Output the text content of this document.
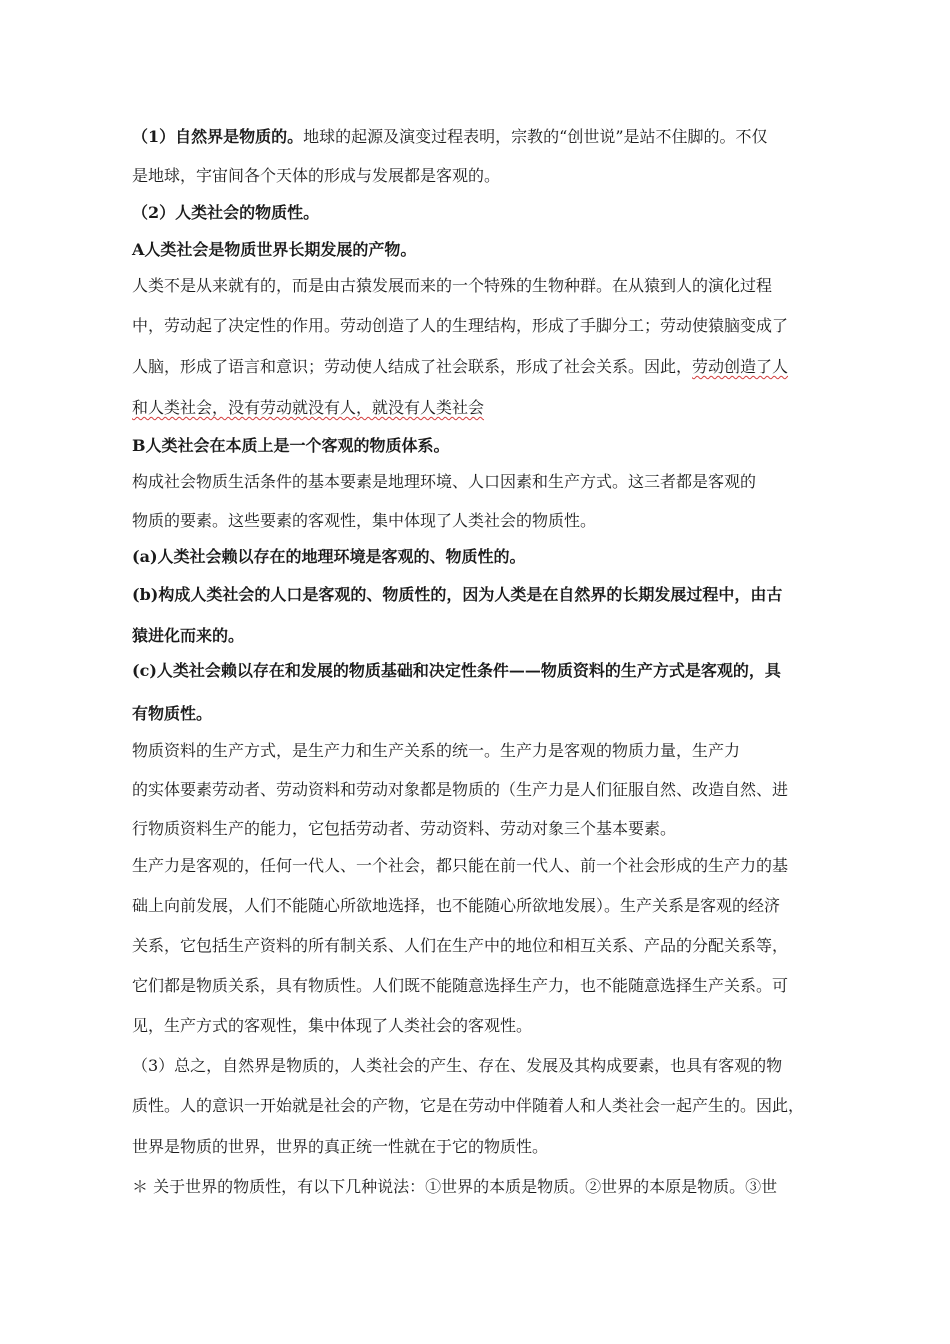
（1）自然界是物质的。地球的起源及演变过程表明，宗教的“创世说”是站不住脚的。不仅
是地球，宇宙间各个天体的形成与发展都是客观的。
（2）人类社会的物质性。
A人类社会是物质世界长期发展的产物。
人类不是从来就有的，而是由古猿发展而来的一个特殊的生物种群。在从猿到人的演化过程
中，劳动起了决定性的作用。劳动创造了人的生理结构，形成了手脚分工；劳动使猿脑变成了
人脑，形成了语言和意识；劳动使人结成了社会联系，形成了社会关系。因此，劳动创造了人
和人类社会，没有劳动就没有人，就没有人类社会
B人类社会在本质上是一个客观的物质体系。
构成社会物质生活条件的基本要素是地理环境、人口因素和生产方式。这三者都是客观的
物质的要素。这些要素的客观性，集中体现了人类社会的物质性。
(a)人类社会赖以存在的地理环境是客观的、物质性的。
(b)构成人类社会的人口是客观的、物质性的，因为人类是在自然界的长期发展过程中，由古
猿进化而来的。
(c)人类社会赖以存在和发展的物质基础和决定性条件——物质资料的生产方式是客观的，具
有物质性。
物质资料的生产方式，是生产力和生产关系的统一。生产力是客观的物质力量，生产力
的实体要素劳动者、劳动资料和劳动对象都是物质的（生产力是人们征服自然、改造自然、进
行物质资料生产的能力，它包括劳动者、劳动资料、劳动对象三个基本要素。
生产力是客观的，任何一代人、一个社会，都只能在前一代人、前一个社会形成的生产力的基
础上向前发展，人们不能随心所欲地选择，也不能随心所欲地发展）。生产关系是客观的经济
关系，它包括生产资料的所有制关系、人们在生产中的地位和相互关系、产品的分配关系等，
它们都是物质关系，具有物质性。人们既不能随意选择生产力，也不能随意选择生产关系。可
见，生产方式的客观性，集中体现了人类社会的客观性。
（3）总之，自然界是物质的，人类社会的产生、存在、发展及其构成要素，也具有客观的物
质性。人的意识一开始就是社会的产物，它是在劳动中伴随着人和人类社会一起产生的。因此，
世界是物质的世界，世界的真正统一性就在于它的物质性。
＊ 关于世界的物质性，有以下几种说法：①世界的本质是物质。②世界的本原是物质。③世
